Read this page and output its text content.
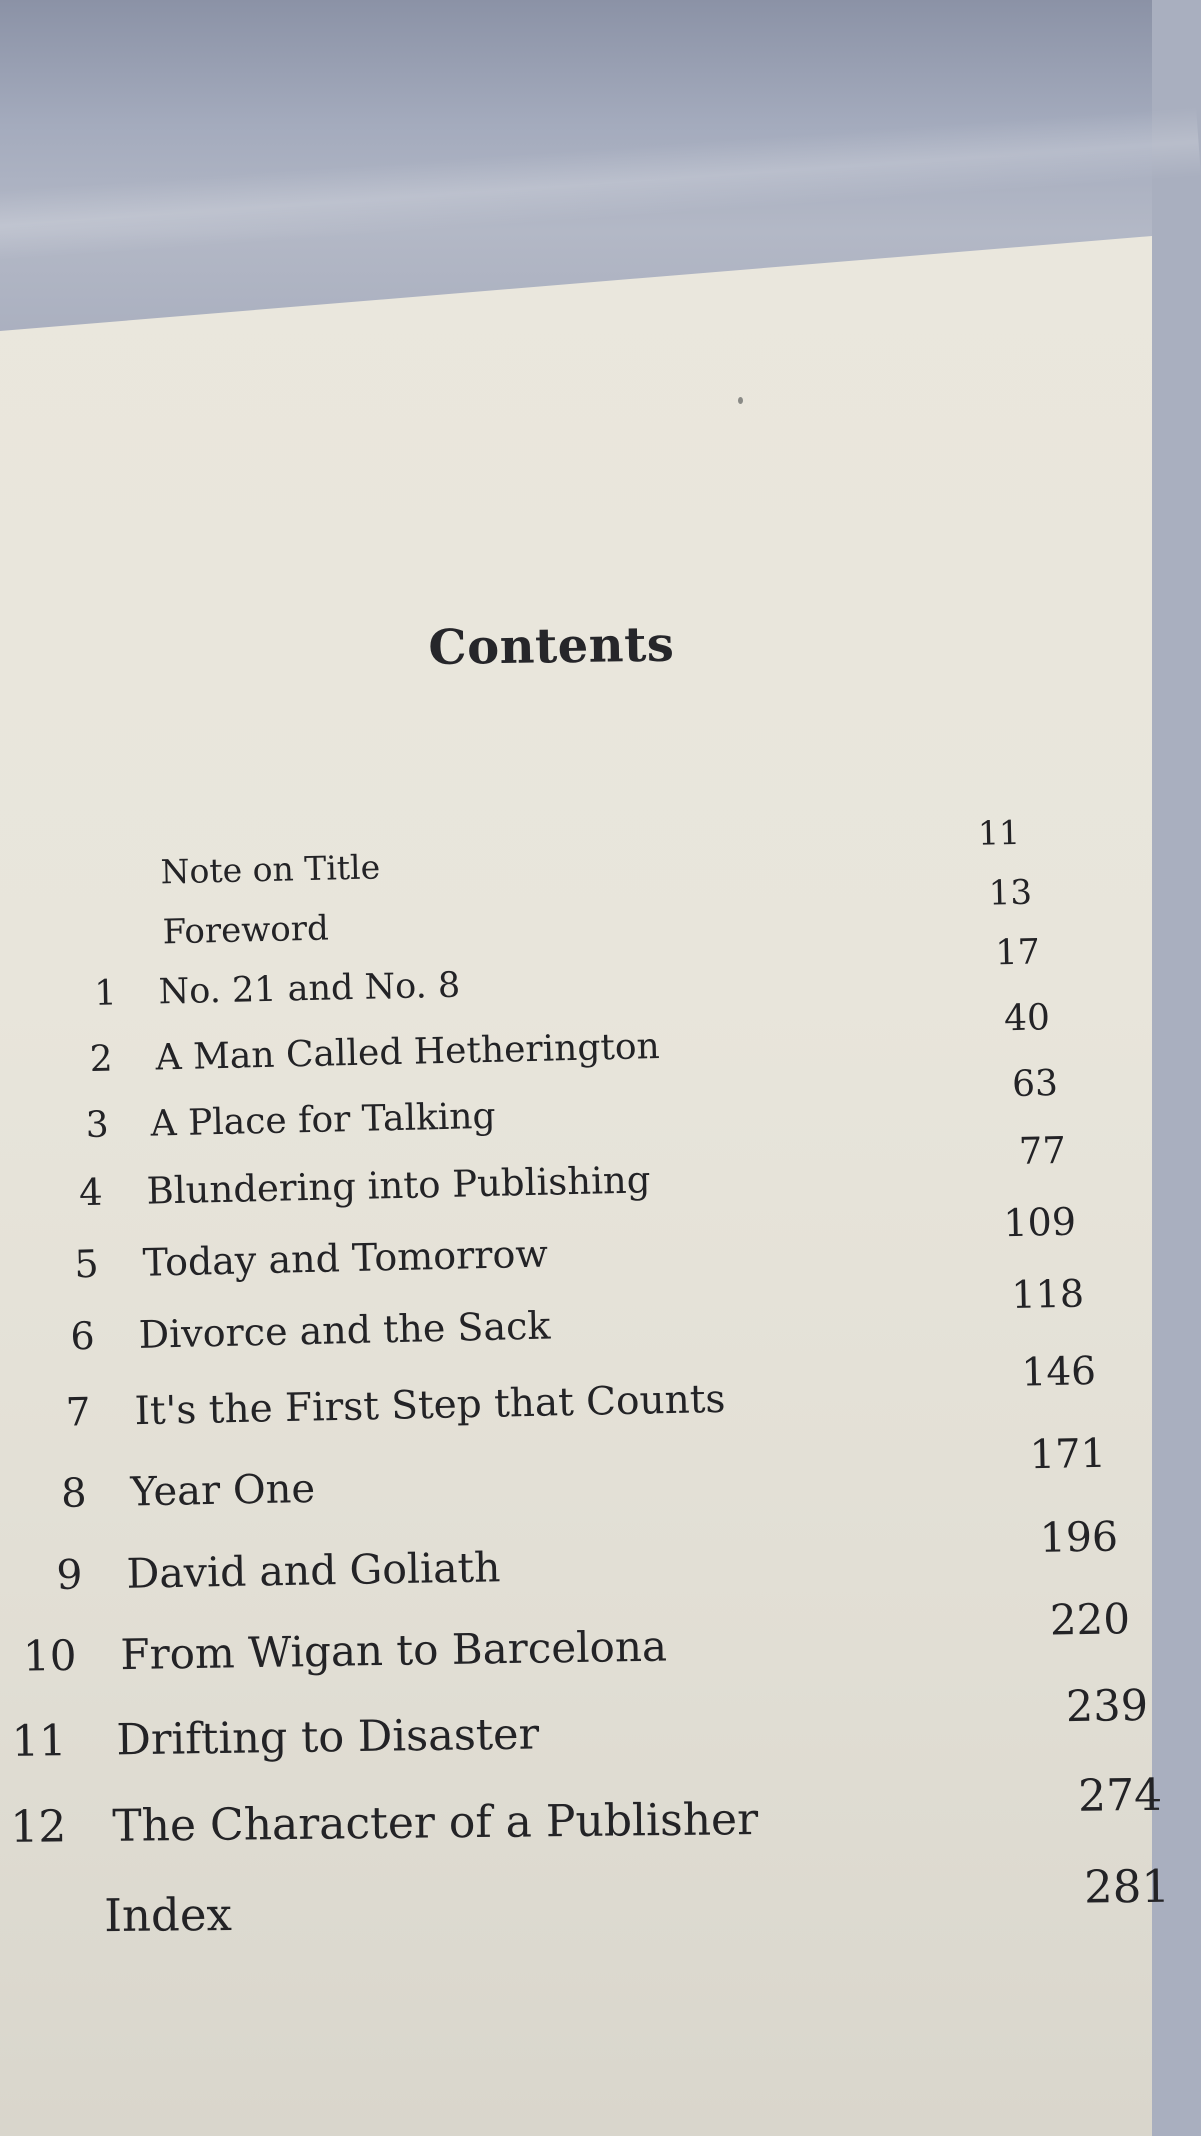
Contents
Note on Title
11
Foreword
13
1 No. 21 and No. 8
17
2 A Man Called Hetherington
40
3 A Place for Talking
63
4 Blundering into Publishing
77
5 Today and Tomorrow
109
6 Divorce and the Sack
118
7 It's the First Step that Counts
146
8 Year One
171
9 David and Goliath
196
10 From Wigan to Barcelona
220
11 Drifting to Disaster
239
12 The Character of a Publisher	274
Index
281
